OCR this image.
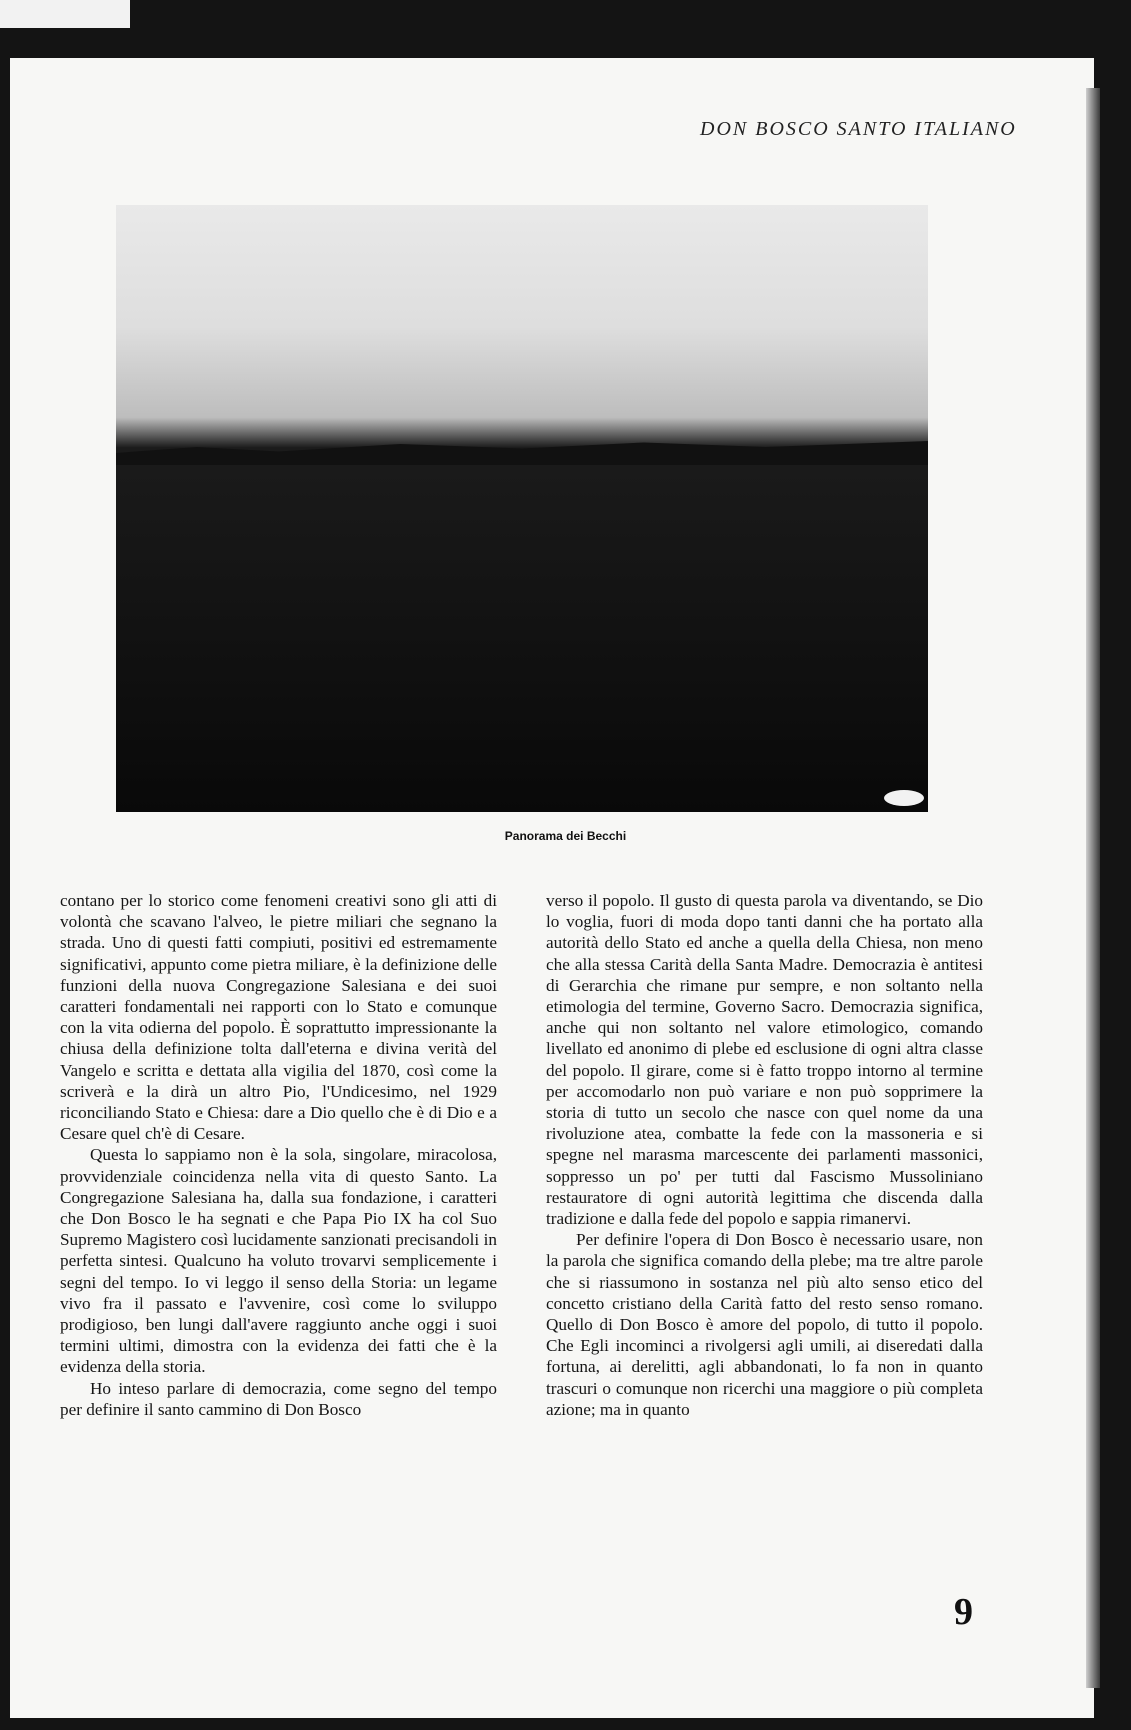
DON BOSCO SANTO ITALIANO
Panorama dei Becchi

contano per lo storico come fenomeni creativi sono gli atti di volontà che scavano l'alveo, le pietre miliari che segnano la strada. Uno di questi fatti compiuti, positivi ed estremamente significativi, appunto come pietra miliare, è la definizione delle funzioni della nuova Congregazione Salesiana e dei suoi caratteri fondamentali nei rapporti con lo Stato e comunque con la vita odierna del popolo. È soprattutto impressionante la chiusa della definizione tolta dall'eterna e divina verità del Vangelo e scritta e dettata alla vigilia del 1870, così come la scriverà e la dirà un altro Pio, l'Undicesimo, nel 1929 riconciliando Stato e Chiesa: dare a Dio quello che è di Dio e a Cesare quel ch'è di Cesare.

Questa lo sappiamo non è la sola, singolare, miracolosa, provvidenziale coincidenza nella vita di questo Santo. La Congregazione Salesiana ha, dalla sua fondazione, i caratteri che Don Bosco le ha segnati e che Papa Pio IX ha col Suo Supremo Magistero così lucidamente sanzionati precisandoli in perfetta sintesi. Qualcuno ha voluto trovarvi semplicemente i segni del tempo. Io vi leggo il senso della Storia: un legame vivo fra il passato e l'avvenire, così come lo sviluppo prodigioso, ben lungi dall'avere raggiunto anche oggi i suoi termini ultimi, dimostra con la evidenza dei fatti che è la evidenza della storia.

Ho inteso parlare di democrazia, come segno del tempo per definire il santo cammino di Don Bosco

verso il popolo. Il gusto di questa parola va diventando, se Dio lo voglia, fuori di moda dopo tanti danni che ha portato alla autorità dello Stato ed anche a quella della Chiesa, non meno che alla stessa Carità della Santa Madre. Democrazia è antitesi di Gerarchia che rimane pur sempre, e non soltanto nella etimologia del termine, Governo Sacro. Democrazia significa, anche qui non soltanto nel valore etimologico, comando livellato ed anonimo di plebe ed esclusione di ogni altra classe del popolo. Il girare, come si è fatto troppo intorno al termine per accomodarlo non può variare e non può sopprimere la storia di tutto un secolo che nasce con quel nome da una rivoluzione atea, combatte la fede con la massoneria e si spegne nel marasma marcescente dei parlamenti massonici, soppresso un po' per tutti dal Fascismo Mussoliniano restauratore di ogni autorità legittima che discenda dalla tradizione e dalla fede del popolo e sappia rimanervi.

Per definire l'opera di Don Bosco è necessario usare, non la parola che significa comando della plebe; ma tre altre parole che si riassumono in sostanza nel più alto senso etico del concetto cristiano della Carità fatto del resto senso romano. Quello di Don Bosco è amore del popolo, di tutto il popolo. Che Egli incominci a rivolgersi agli umili, ai diseredati dalla fortuna, ai derelitti, agli abbandonati, lo fa non in quanto trascuri o comunque non ricerchi una maggiore o più completa azione; ma in quanto

9
